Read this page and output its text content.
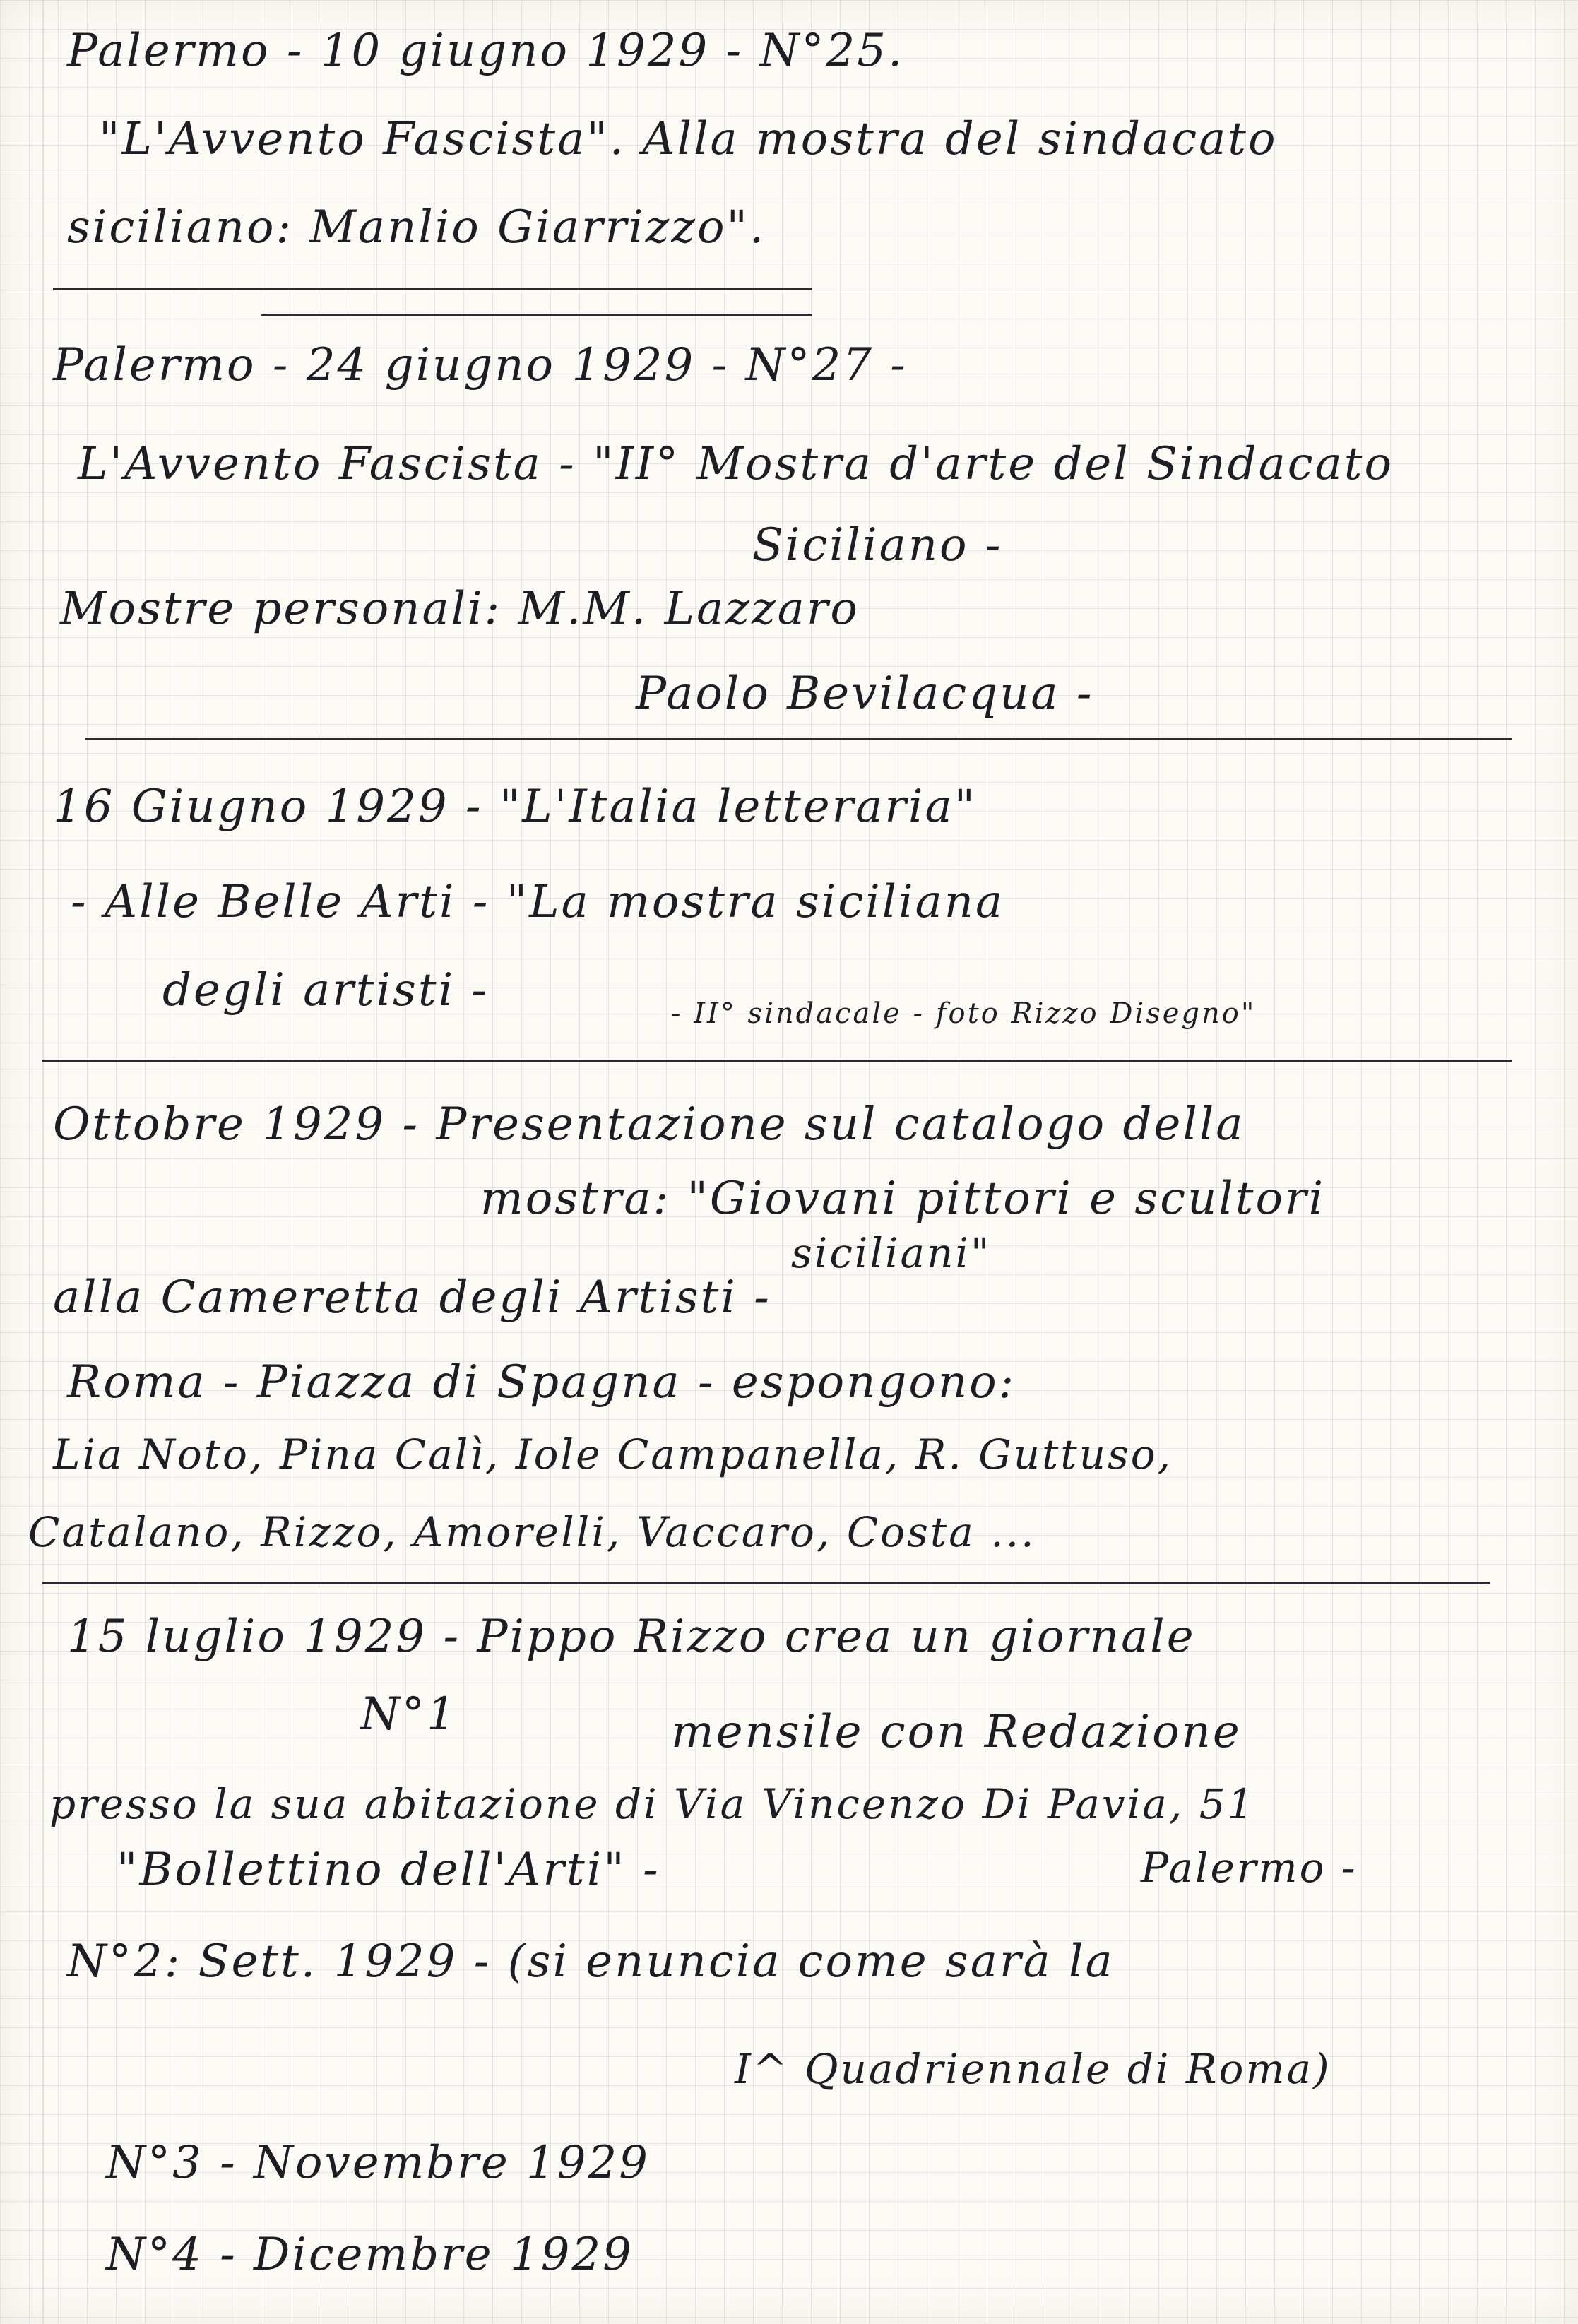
Palermo - 10 giugno 1929 - N°25.
"L'Avvento Fascista". Alla mostra del sindacato
siciliano: Manlio Giarrizzo".
Palermo - 24 giugno 1929 - N°27 -
L'Avvento Fascista - "II° Mostra d'arte del Sindacato
Siciliano -
Mostre personali: M.M. Lazzaro
Paolo Bevilacqua -
16 Giugno 1929 - "L'Italia letteraria"
- Alle Belle Arti - "La mostra siciliana
degli artisti -	- II° sindacale - foto Rizzo Disegno"
Ottobre 1929 - Presentazione sul catalogo della
mostra: "Giovani pittori e scultori
siciliani"
alla Cameretta degli Artisti -
Roma - Piazza di Spagna - espongono:
Lia Noto, Pina Calì, Iole Campanella, R. Guttuso,
Catalano, Rizzo, Amorelli, Vaccaro, Costa ...
15 luglio 1929 - Pippo Rizzo crea un giornale
N°1	mensile con Redazione
presso la sua abitazione di Via Vincenzo Di Pavia, 51
"Bollettino dell'Arti" -	Palermo -
N°2: Sett. 1929 - (si enuncia come sarà la
I^ Quadriennale di Roma)
N°3 - Novembre 1929
N°4 - Dicembre 1929
